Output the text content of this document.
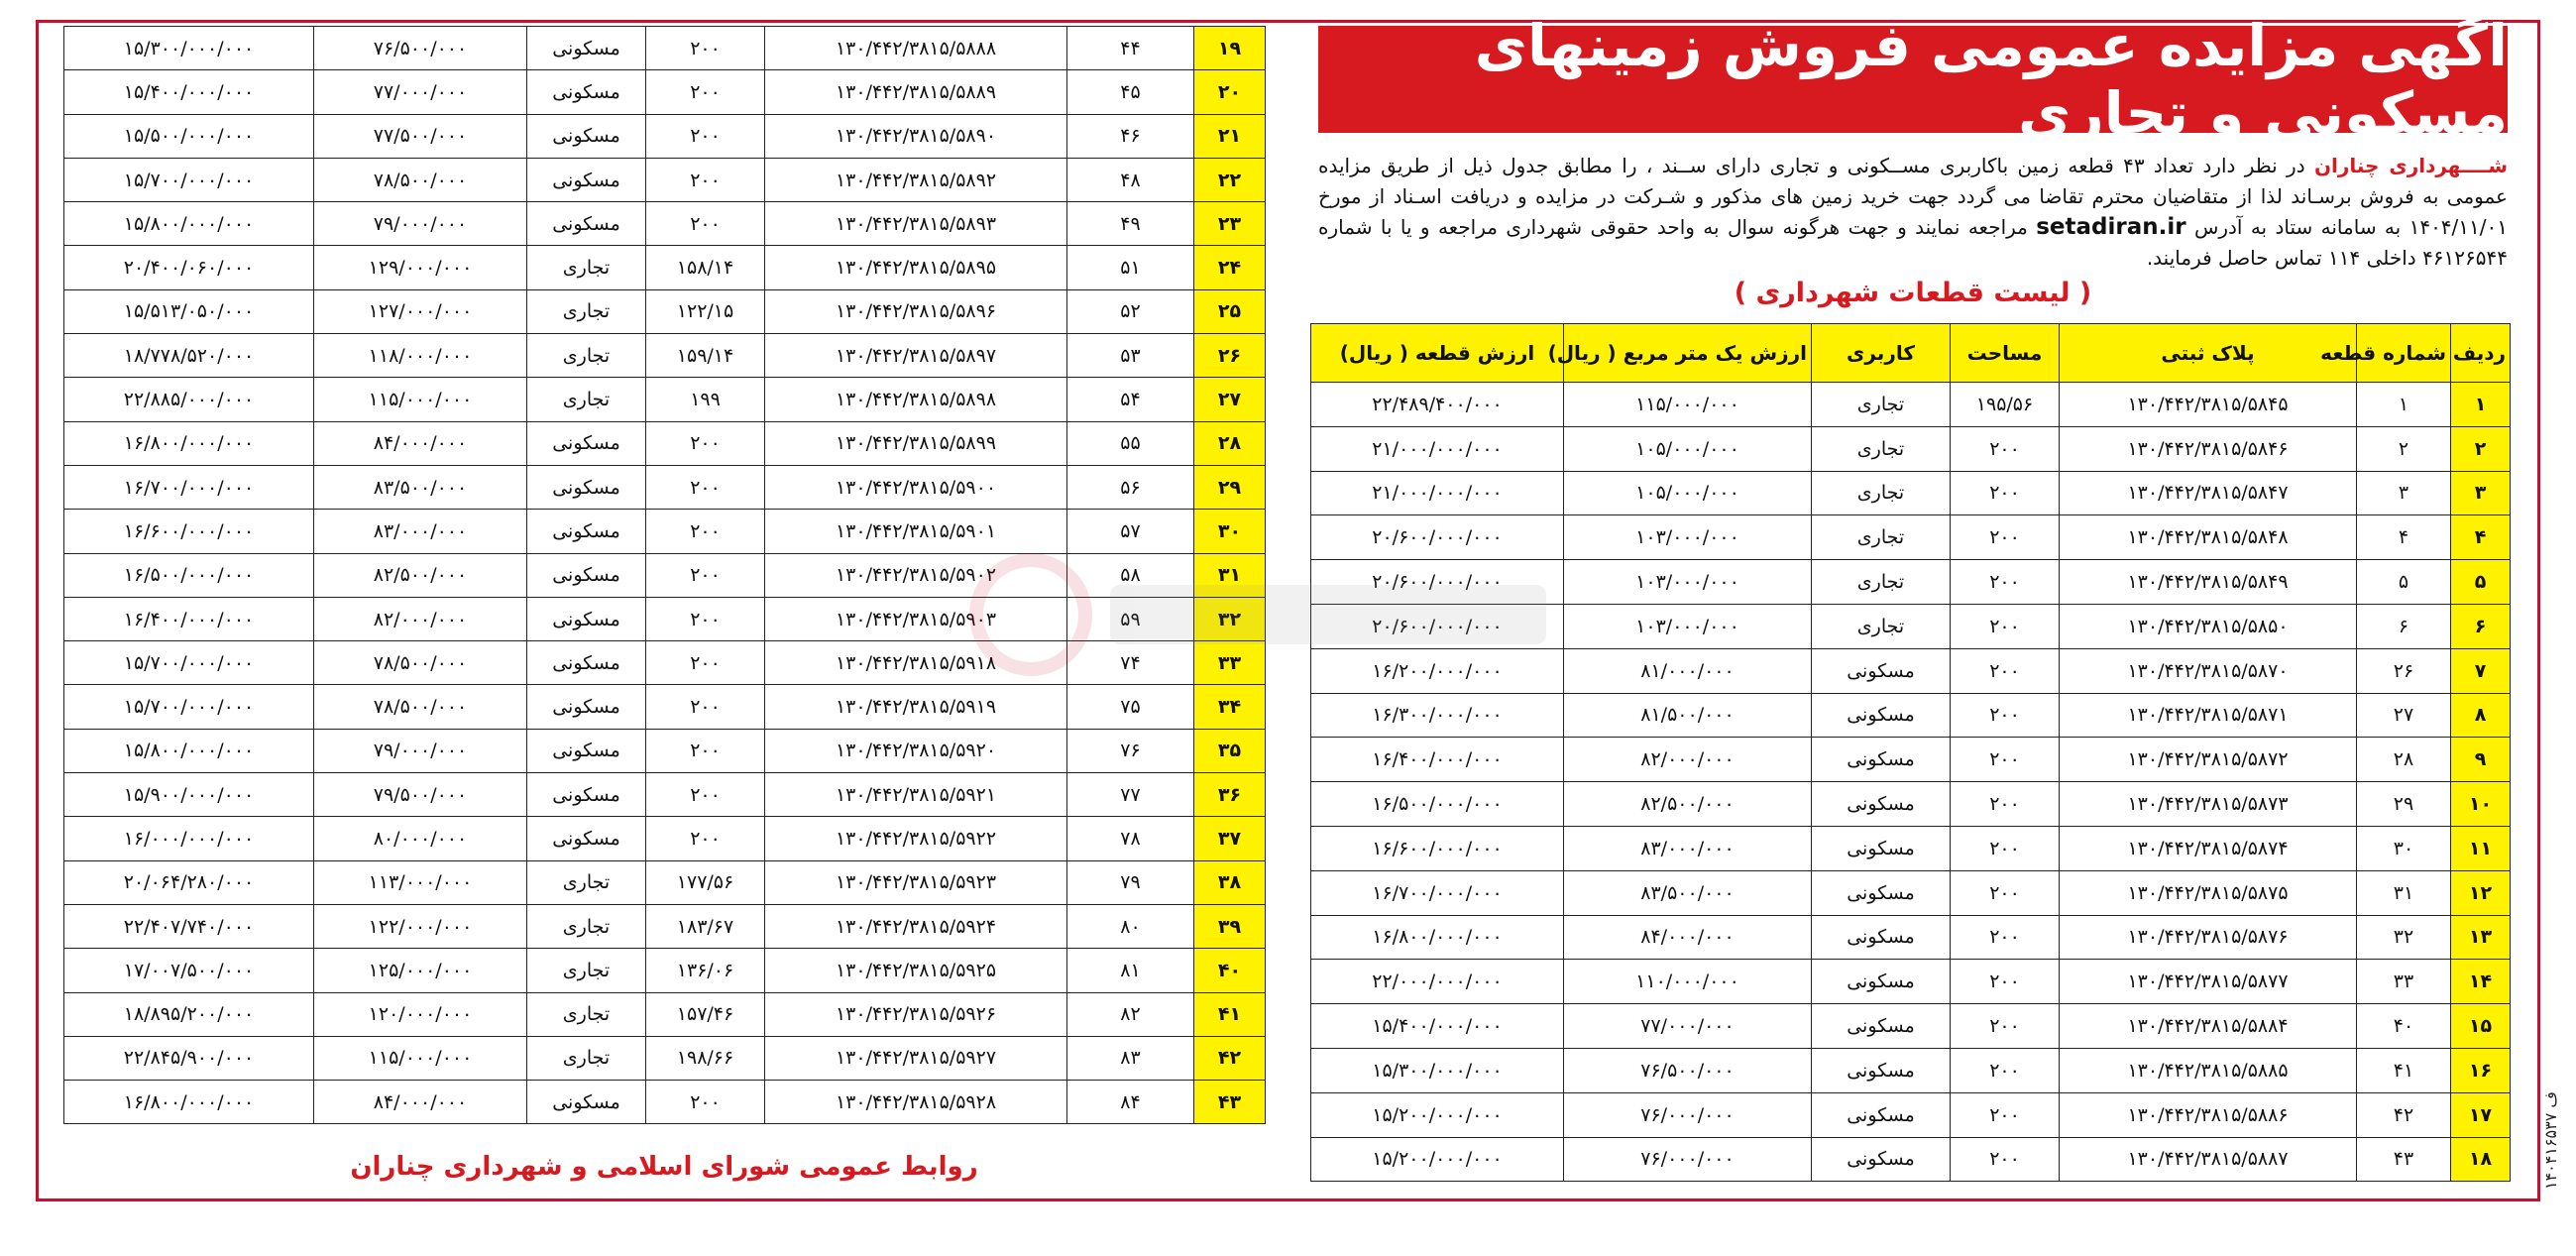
آگهی مزایده عمومی فروش زمینهای مسکونی و تجاری
شــــهرداری چناران در نظر دارد تعداد ۴۳ قطعه زمین باکاربری مســکونی و تجاری دارای ســند ، را مطابق جدول ذیل از طریق مزایده عمومی به فروش برسـاند لذا از متقاضیان محترم تقاضا می گردد جهت خرید زمین های مذکور و شـرکت در مزایده و دریافت اسـناد از مورخ ۱۴۰۴/۱۱/۰۱ به سامانه ستاد به آدرس setadiran.ir مراجعه نمایند و جهت هرگونه سوال به واحد حقوقی شهرداری مراجعه و یا با شماره ۴۶۱۲۶۵۴۴ داخلی ۱۱۴ تماس حاصل فرمایند.
( لیست قطعات شهرداری )
ردیف	شماره قطعه	پلاک ثبتی	مساحت	کاربری	ارزش یک متر مربع ( ریال)	ارزش قطعه ( ریال)
۱	۱	۱۳۰/۴۴۲/۳۸۱۵/۵۸۴۵	۱۹۵/۵۶	تجاری	۱۱۵/۰۰۰/۰۰۰	۲۲/۴۸۹/۴۰۰/۰۰۰
۲	۲	۱۳۰/۴۴۲/۳۸۱۵/۵۸۴۶	۲۰۰	تجاری	۱۰۵/۰۰۰/۰۰۰	۲۱/۰۰۰/۰۰۰/۰۰۰
۳	۳	۱۳۰/۴۴۲/۳۸۱۵/۵۸۴۷	۲۰۰	تجاری	۱۰۵/۰۰۰/۰۰۰	۲۱/۰۰۰/۰۰۰/۰۰۰
۴	۴	۱۳۰/۴۴۲/۳۸۱۵/۵۸۴۸	۲۰۰	تجاری	۱۰۳/۰۰۰/۰۰۰	۲۰/۶۰۰/۰۰۰/۰۰۰
۵	۵	۱۳۰/۴۴۲/۳۸۱۵/۵۸۴۹	۲۰۰	تجاری	۱۰۳/۰۰۰/۰۰۰	۲۰/۶۰۰/۰۰۰/۰۰۰
۶	۶	۱۳۰/۴۴۲/۳۸۱۵/۵۸۵۰	۲۰۰	تجاری	۱۰۳/۰۰۰/۰۰۰	۲۰/۶۰۰/۰۰۰/۰۰۰
۷	۲۶	۱۳۰/۴۴۲/۳۸۱۵/۵۸۷۰	۲۰۰	مسکونی	۸۱/۰۰۰/۰۰۰	۱۶/۲۰۰/۰۰۰/۰۰۰
۸	۲۷	۱۳۰/۴۴۲/۳۸۱۵/۵۸۷۱	۲۰۰	مسکونی	۸۱/۵۰۰/۰۰۰	۱۶/۳۰۰/۰۰۰/۰۰۰
۹	۲۸	۱۳۰/۴۴۲/۳۸۱۵/۵۸۷۲	۲۰۰	مسکونی	۸۲/۰۰۰/۰۰۰	۱۶/۴۰۰/۰۰۰/۰۰۰
۱۰	۲۹	۱۳۰/۴۴۲/۳۸۱۵/۵۸۷۳	۲۰۰	مسکونی	۸۲/۵۰۰/۰۰۰	۱۶/۵۰۰/۰۰۰/۰۰۰
۱۱	۳۰	۱۳۰/۴۴۲/۳۸۱۵/۵۸۷۴	۲۰۰	مسکونی	۸۳/۰۰۰/۰۰۰	۱۶/۶۰۰/۰۰۰/۰۰۰
۱۲	۳۱	۱۳۰/۴۴۲/۳۸۱۵/۵۸۷۵	۲۰۰	مسکونی	۸۳/۵۰۰/۰۰۰	۱۶/۷۰۰/۰۰۰/۰۰۰
۱۳	۳۲	۱۳۰/۴۴۲/۳۸۱۵/۵۸۷۶	۲۰۰	مسکونی	۸۴/۰۰۰/۰۰۰	۱۶/۸۰۰/۰۰۰/۰۰۰
۱۴	۳۳	۱۳۰/۴۴۲/۳۸۱۵/۵۸۷۷	۲۰۰	مسکونی	۱۱۰/۰۰۰/۰۰۰	۲۲/۰۰۰/۰۰۰/۰۰۰
۱۵	۴۰	۱۳۰/۴۴۲/۳۸۱۵/۵۸۸۴	۲۰۰	مسکونی	۷۷/۰۰۰/۰۰۰	۱۵/۴۰۰/۰۰۰/۰۰۰
۱۶	۴۱	۱۳۰/۴۴۲/۳۸۱۵/۵۸۸۵	۲۰۰	مسکونی	۷۶/۵۰۰/۰۰۰	۱۵/۳۰۰/۰۰۰/۰۰۰
۱۷	۴۲	۱۳۰/۴۴۲/۳۸۱۵/۵۸۸۶	۲۰۰	مسکونی	۷۶/۰۰۰/۰۰۰	۱۵/۲۰۰/۰۰۰/۰۰۰
۱۸	۴۳	۱۳۰/۴۴۲/۳۸۱۵/۵۸۸۷	۲۰۰	مسکونی	۷۶/۰۰۰/۰۰۰	۱۵/۲۰۰/۰۰۰/۰۰۰
۱۹	۴۴	۱۳۰/۴۴۲/۳۸۱۵/۵۸۸۸	۲۰۰	مسکونی	۷۶/۵۰۰/۰۰۰	۱۵/۳۰۰/۰۰۰/۰۰۰
۲۰	۴۵	۱۳۰/۴۴۲/۳۸۱۵/۵۸۸۹	۲۰۰	مسکونی	۷۷/۰۰۰/۰۰۰	۱۵/۴۰۰/۰۰۰/۰۰۰
۲۱	۴۶	۱۳۰/۴۴۲/۳۸۱۵/۵۸۹۰	۲۰۰	مسکونی	۷۷/۵۰۰/۰۰۰	۱۵/۵۰۰/۰۰۰/۰۰۰
۲۲	۴۸	۱۳۰/۴۴۲/۳۸۱۵/۵۸۹۲	۲۰۰	مسکونی	۷۸/۵۰۰/۰۰۰	۱۵/۷۰۰/۰۰۰/۰۰۰
۲۳	۴۹	۱۳۰/۴۴۲/۳۸۱۵/۵۸۹۳	۲۰۰	مسکونی	۷۹/۰۰۰/۰۰۰	۱۵/۸۰۰/۰۰۰/۰۰۰
۲۴	۵۱	۱۳۰/۴۴۲/۳۸۱۵/۵۸۹۵	۱۵۸/۱۴	تجاری	۱۲۹/۰۰۰/۰۰۰	۲۰/۴۰۰/۰۶۰/۰۰۰
۲۵	۵۲	۱۳۰/۴۴۲/۳۸۱۵/۵۸۹۶	۱۲۲/۱۵	تجاری	۱۲۷/۰۰۰/۰۰۰	۱۵/۵۱۳/۰۵۰/۰۰۰
۲۶	۵۳	۱۳۰/۴۴۲/۳۸۱۵/۵۸۹۷	۱۵۹/۱۴	تجاری	۱۱۸/۰۰۰/۰۰۰	۱۸/۷۷۸/۵۲۰/۰۰۰
۲۷	۵۴	۱۳۰/۴۴۲/۳۸۱۵/۵۸۹۸	۱۹۹	تجاری	۱۱۵/۰۰۰/۰۰۰	۲۲/۸۸۵/۰۰۰/۰۰۰
۲۸	۵۵	۱۳۰/۴۴۲/۳۸۱۵/۵۸۹۹	۲۰۰	مسکونی	۸۴/۰۰۰/۰۰۰	۱۶/۸۰۰/۰۰۰/۰۰۰
۲۹	۵۶	۱۳۰/۴۴۲/۳۸۱۵/۵۹۰۰	۲۰۰	مسکونی	۸۳/۵۰۰/۰۰۰	۱۶/۷۰۰/۰۰۰/۰۰۰
۳۰	۵۷	۱۳۰/۴۴۲/۳۸۱۵/۵۹۰۱	۲۰۰	مسکونی	۸۳/۰۰۰/۰۰۰	۱۶/۶۰۰/۰۰۰/۰۰۰
۳۱	۵۸	۱۳۰/۴۴۲/۳۸۱۵/۵۹۰۲	۲۰۰	مسکونی	۸۲/۵۰۰/۰۰۰	۱۶/۵۰۰/۰۰۰/۰۰۰
۳۲	۵۹	۱۳۰/۴۴۲/۳۸۱۵/۵۹۰۳	۲۰۰	مسکونی	۸۲/۰۰۰/۰۰۰	۱۶/۴۰۰/۰۰۰/۰۰۰
۳۳	۷۴	۱۳۰/۴۴۲/۳۸۱۵/۵۹۱۸	۲۰۰	مسکونی	۷۸/۵۰۰/۰۰۰	۱۵/۷۰۰/۰۰۰/۰۰۰
۳۴	۷۵	۱۳۰/۴۴۲/۳۸۱۵/۵۹۱۹	۲۰۰	مسکونی	۷۸/۵۰۰/۰۰۰	۱۵/۷۰۰/۰۰۰/۰۰۰
۳۵	۷۶	۱۳۰/۴۴۲/۳۸۱۵/۵۹۲۰	۲۰۰	مسکونی	۷۹/۰۰۰/۰۰۰	۱۵/۸۰۰/۰۰۰/۰۰۰
۳۶	۷۷	۱۳۰/۴۴۲/۳۸۱۵/۵۹۲۱	۲۰۰	مسکونی	۷۹/۵۰۰/۰۰۰	۱۵/۹۰۰/۰۰۰/۰۰۰
۳۷	۷۸	۱۳۰/۴۴۲/۳۸۱۵/۵۹۲۲	۲۰۰	مسکونی	۸۰/۰۰۰/۰۰۰	۱۶/۰۰۰/۰۰۰/۰۰۰
۳۸	۷۹	۱۳۰/۴۴۲/۳۸۱۵/۵۹۲۳	۱۷۷/۵۶	تجاری	۱۱۳/۰۰۰/۰۰۰	۲۰/۰۶۴/۲۸۰/۰۰۰
۳۹	۸۰	۱۳۰/۴۴۲/۳۸۱۵/۵۹۲۴	۱۸۳/۶۷	تجاری	۱۲۲/۰۰۰/۰۰۰	۲۲/۴۰۷/۷۴۰/۰۰۰
۴۰	۸۱	۱۳۰/۴۴۲/۳۸۱۵/۵۹۲۵	۱۳۶/۰۶	تجاری	۱۲۵/۰۰۰/۰۰۰	۱۷/۰۰۷/۵۰۰/۰۰۰
۴۱	۸۲	۱۳۰/۴۴۲/۳۸۱۵/۵۹۲۶	۱۵۷/۴۶	تجاری	۱۲۰/۰۰۰/۰۰۰	۱۸/۸۹۵/۲۰۰/۰۰۰
۴۲	۸۳	۱۳۰/۴۴۲/۳۸۱۵/۵۹۲۷	۱۹۸/۶۶	تجاری	۱۱۵/۰۰۰/۰۰۰	۲۲/۸۴۵/۹۰۰/۰۰۰
۴۳	۸۴	۱۳۰/۴۴۲/۳۸۱۵/۵۹۲۸	۲۰۰	مسکونی	۸۴/۰۰۰/۰۰۰	۱۶/۸۰۰/۰۰۰/۰۰۰
روابط عمومی شورای اسلامی و شهرداری چناران	۱۴۰۴۱۶۵۳۷ ف
